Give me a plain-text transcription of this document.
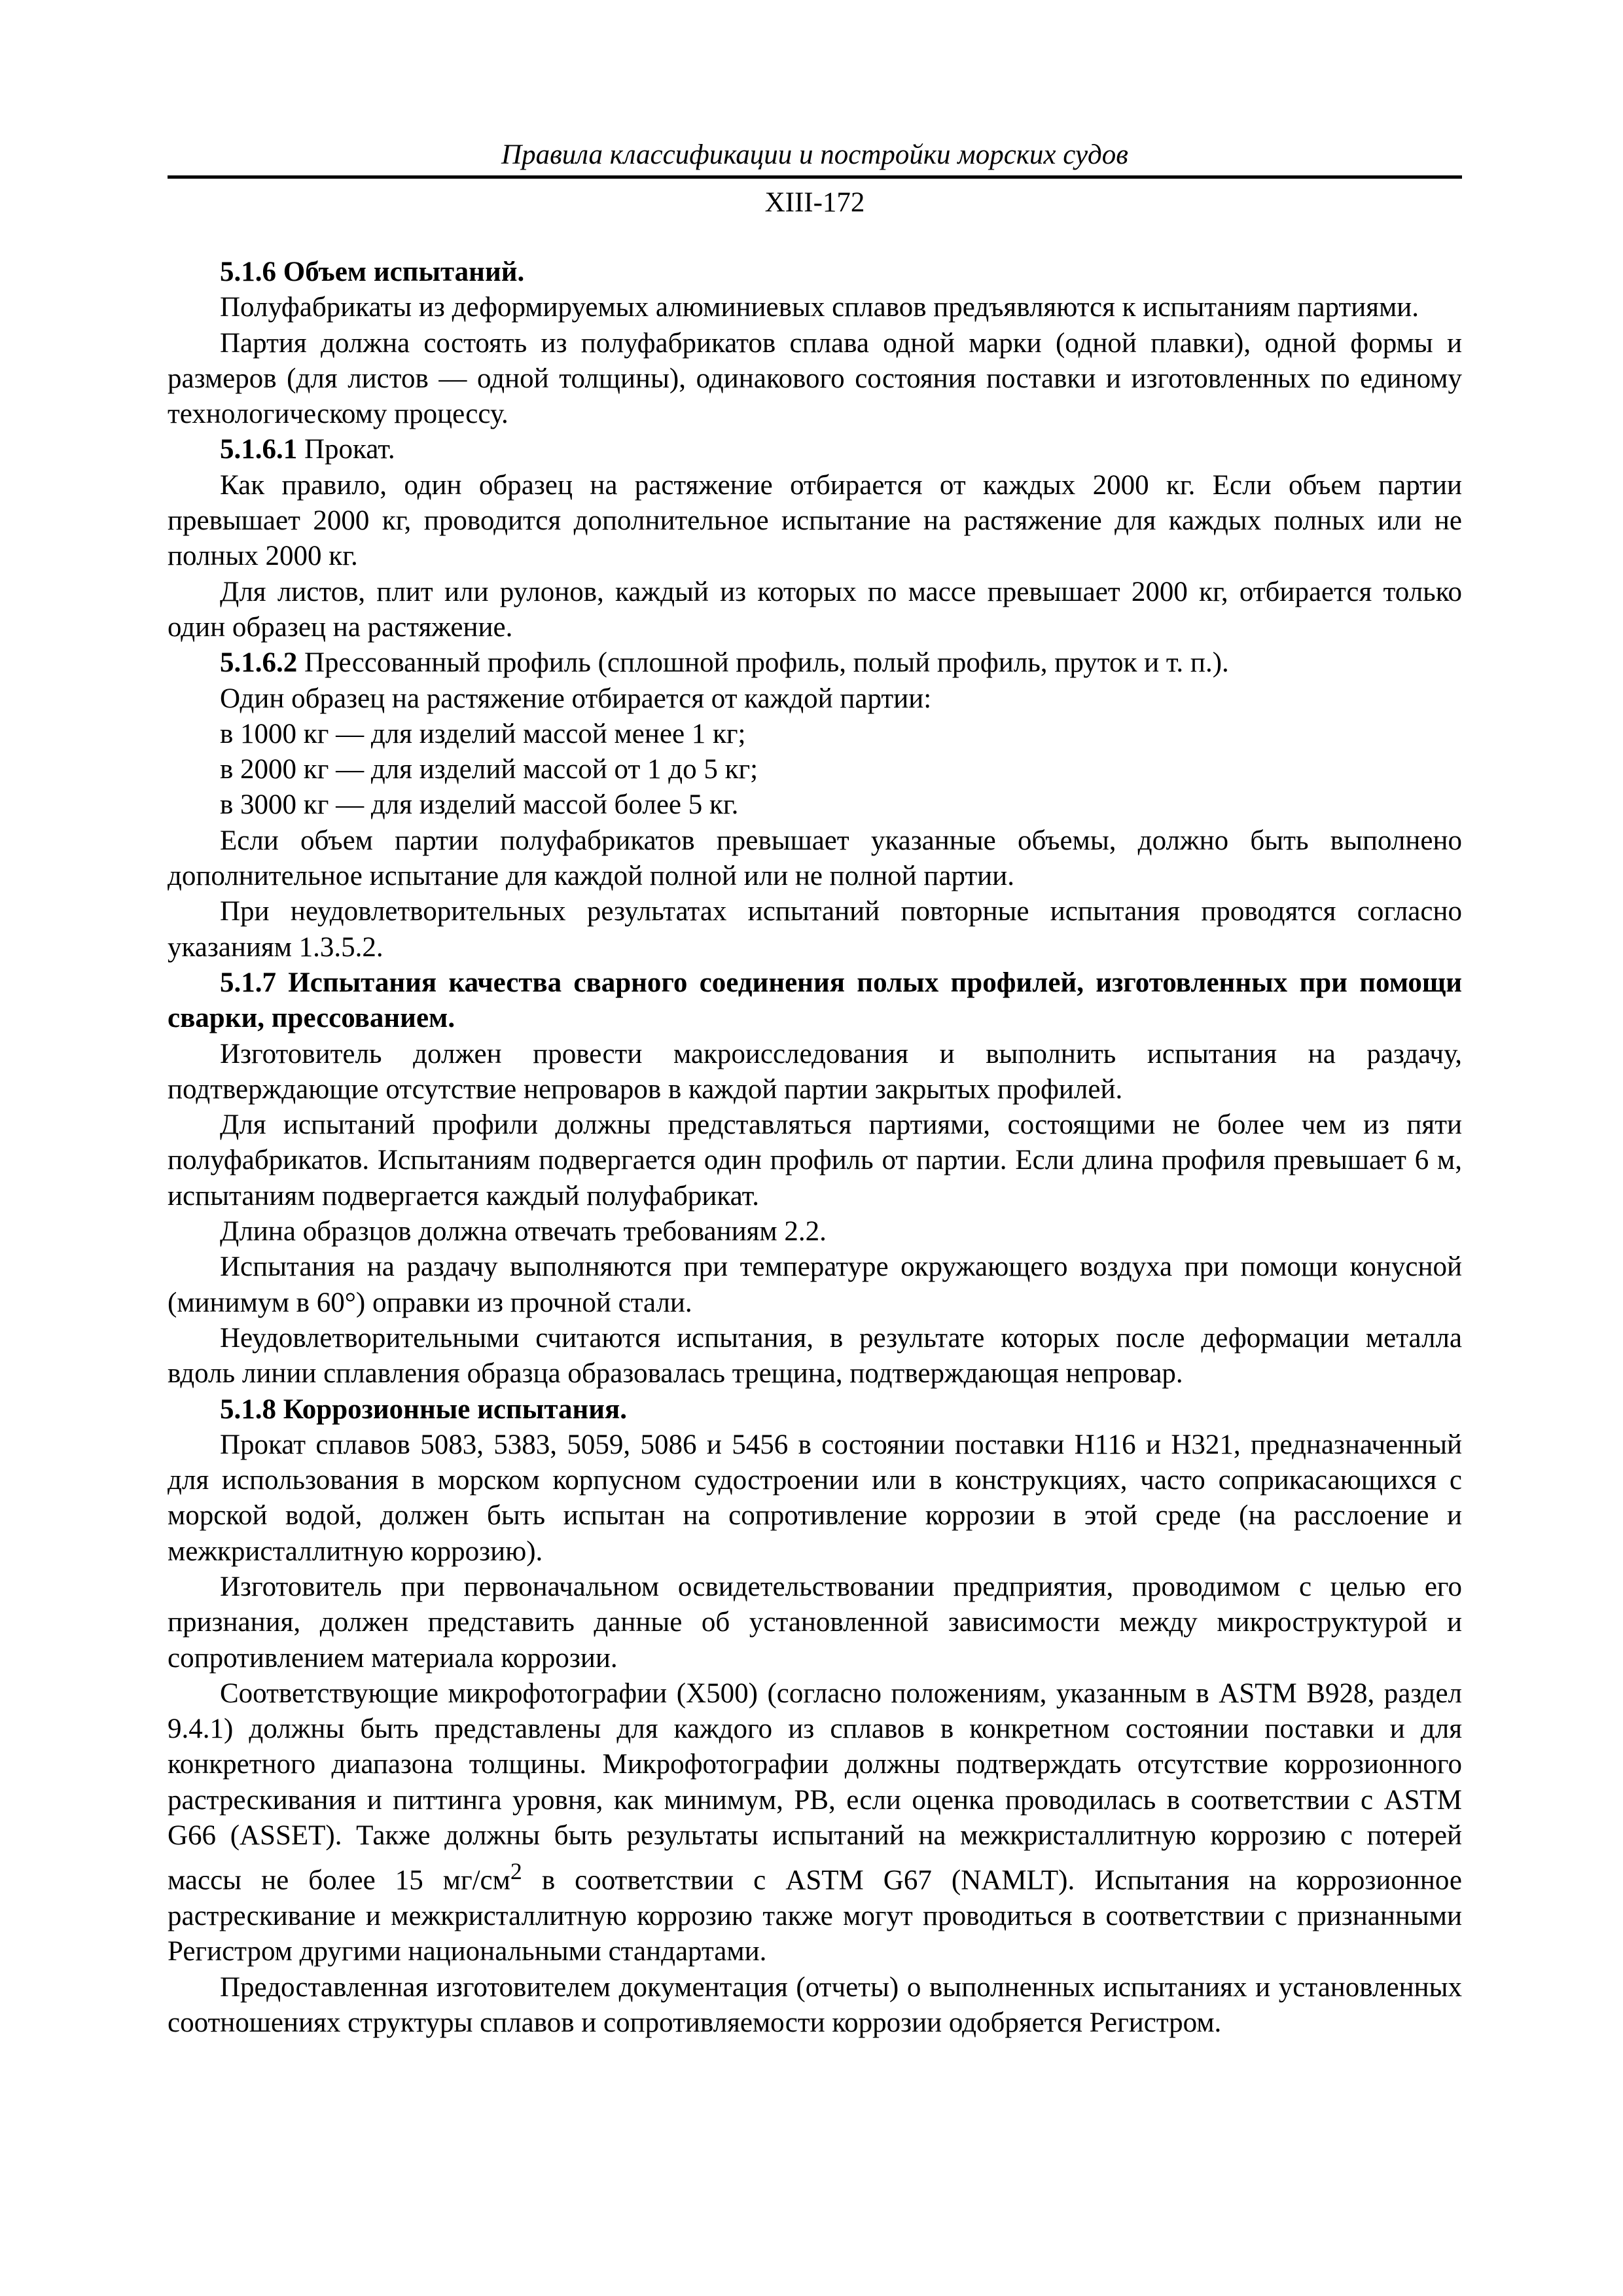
Правила классификации и постройки морских судов
XIII-172

5.1.6 Объем испытаний.

Полуфабрикаты из деформируемых алюминиевых сплавов предъявляются к испытаниям партиями.

Партия должна состоять из полуфабрикатов сплава одной марки (одной плавки), одной формы и размеров (для листов — одной толщины), одинакового состояния поставки и изготовленных по единому технологическому процессу.

5.1.6.1 Прокат.

Как правило, один образец на растяжение отбирается от каждых 2000 кг. Если объем партии превышает 2000 кг, проводится дополнительное испытание на растяжение для каждых полных или не полных 2000 кг.

Для листов, плит или рулонов, каждый из которых по массе превышает 2000 кг, отбирается только один образец на растяжение.

5.1.6.2 Прессованный профиль (сплошной профиль, полый профиль, пруток и т. п.).

Один образец на растяжение отбирается от каждой партии:

в 1000 кг — для изделий массой менее 1 кг;

в 2000 кг — для изделий массой от 1 до 5 кг;

в 3000 кг — для изделий массой более 5 кг.

Если объем партии полуфабрикатов превышает указанные объемы, должно быть выполнено дополнительное испытание для каждой полной или не полной партии.

При неудовлетворительных результатах испытаний повторные испытания проводятся согласно указаниям 1.3.5.2.

5.1.7 Испытания качества сварного соединения полых профилей, изготовленных при помощи сварки, прессованием.

Изготовитель должен провести макроисследования и выполнить испытания на раздачу, подтверждающие отсутствие непроваров в каждой партии закрытых профилей.

Для испытаний профили должны представляться партиями, состоящими не более чем из пяти полуфабрикатов. Испытаниям подвергается один профиль от партии. Если длина профиля превышает 6 м, испытаниям подвергается каждый полуфабрикат.

Длина образцов должна отвечать требованиям 2.2.

Испытания на раздачу выполняются при температуре окружающего воздуха при помощи конусной (минимум в 60°) оправки из прочной стали.

Неудовлетворительными считаются испытания, в результате которых после деформации металла вдоль линии сплавления образца образовалась трещина, подтверждающая непровар.

5.1.8 Коррозионные испытания.

Прокат сплавов 5083, 5383, 5059, 5086 и 5456 в состоянии поставки H116 и H321, предназначенный для использования в морском корпусном судостроении или в конструкциях, часто соприкасающихся с морской водой, должен быть испытан на сопротивление коррозии в этой среде (на расслоение и межкристаллитную коррозию).

Изготовитель при первоначальном освидетельствовании предприятия, проводимом с целью его признания, должен представить данные об установленной зависимости между микроструктурой и сопротивлением материала коррозии.

Соответствующие микрофотографии (X500) (согласно положениям, указанным в ASTM B928, раздел 9.4.1) должны быть представлены для каждого из сплавов в конкретном состоянии поставки и для конкретного диапазона толщины. Микрофотографии должны подтверждать отсутствие коррозионного растрескивания и питтинга уровня, как минимум, PB, если оценка проводилась в соответствии с ASTM G66 (ASSET). Также должны быть результаты испытаний на межкристаллитную коррозию с потерей массы не более 15 $мг/см^2$ в соответствии с ASTM G67 (NAMLT). Испытания на коррозионное растрескивание и межкристаллитную коррозию также могут проводиться в соответствии с признанными Регистром другими национальными стандартами.

Предоставленная изготовителем документация (отчеты) о выполненных испытаниях и установленных соотношениях структуры сплавов и сопротивляемости коррозии одобряется Регистром.
